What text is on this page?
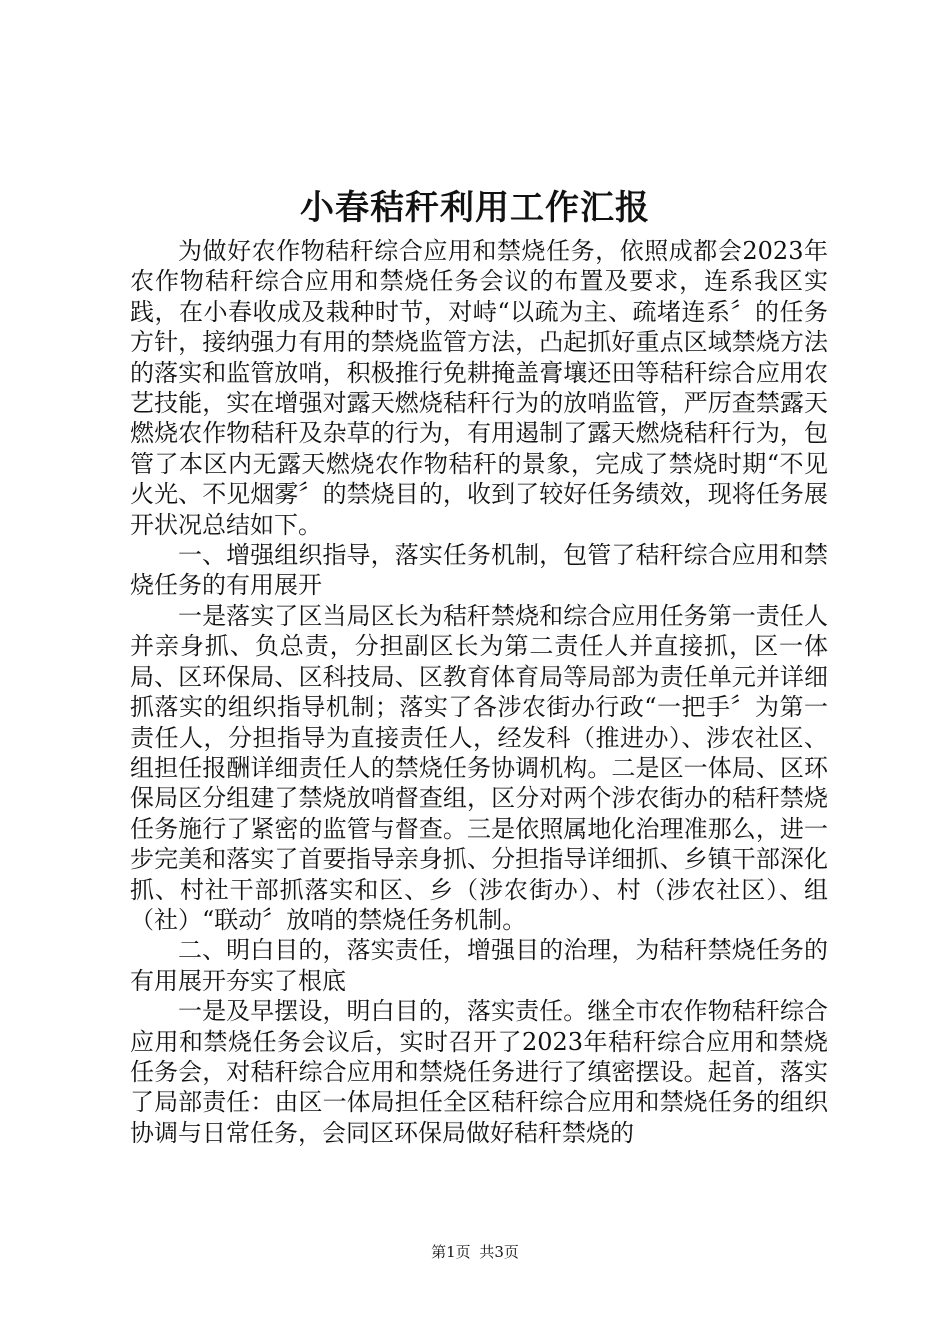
小春秸秆利用工作汇报

为做好农作物秸秆综合应用和禁烧任务，依照成都会2023年农作物秸秆综合应用和禁烧任务会议的布置及要求，连系我区实践，在小春收成及栽种时节，对峙“以疏为主、疏堵连系〞的任务方针，接纳强力有用的禁烧监管方法，凸起抓好重点区域禁烧方法的落实和监管放哨，积极推行免耕掩盖膏壤还田等秸秆综合应用农艺技能，实在增强对露天燃烧秸秆行为的放哨监管，严厉查禁露天燃烧农作物秸秆及杂草的行为，有用遏制了露天燃烧秸秆行为，包管了本区内无露天燃烧农作物秸秆的景象，完成了禁烧时期“不见火光、不见烟雾〞的禁烧目的，收到了较好任务绩效，现将任务展开状况总结如下。

一、增强组织指导，落实任务机制，包管了秸秆综合应用和禁烧任务的有用展开

一是落实了区当局区长为秸秆禁烧和综合应用任务第一责任人并亲身抓、负总责，分担副区长为第二责任人并直接抓，区一体局、区环保局、区科技局、区教育体育局等局部为责任单元并详细抓落实的组织指导机制；落实了各涉农街办行政“一把手〞为第一责任人，分担指导为直接责任人，经发科（推进办）、涉农社区、组担任报酬详细责任人的禁烧任务协调机构。二是区一体局、区环保局区分组建了禁烧放哨督查组，区分对两个涉农街办的秸秆禁烧任务施行了紧密的监管与督查。三是依照属地化治理准那么，进一步完美和落实了首要指导亲身抓、分担指导详细抓、乡镇干部深化抓、村社干部抓落实和区、乡（涉农街办）、村（涉农社区）、组（社）“联动〞放哨的禁烧任务机制。

二、明白目的，落实责任，增强目的治理，为秸秆禁烧任务的有用展开夯实了根底

一是及早摆设，明白目的，落实责任。继全市农作物秸秆综合应用和禁烧任务会议后，实时召开了2023年秸秆综合应用和禁烧任务会，对秸秆综合应用和禁烧任务进行了缜密摆设。起首，落实了局部责任：由区一体局担任全区秸秆综合应用和禁烧任务的组织协调与日常任务，会同区环保局做好秸秆禁烧的

第1页 共3页
